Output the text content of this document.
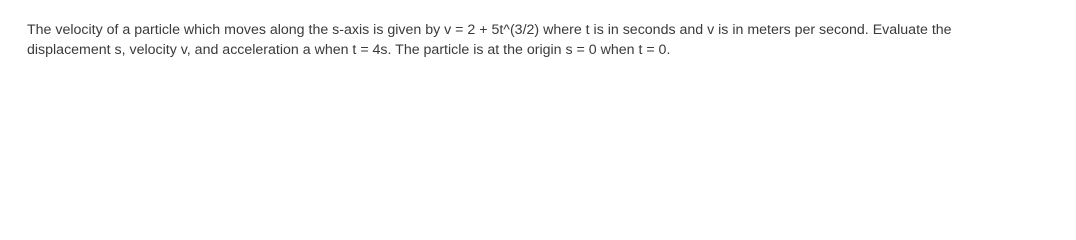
The velocity of a particle which moves along the s-axis is given by v = 2 + 5t^(3/2) where t is in seconds and v is in meters per second. Evaluate the
displacement s, velocity v, and acceleration a when t = 4s. The particle is at the origin s = 0 when t = 0.
